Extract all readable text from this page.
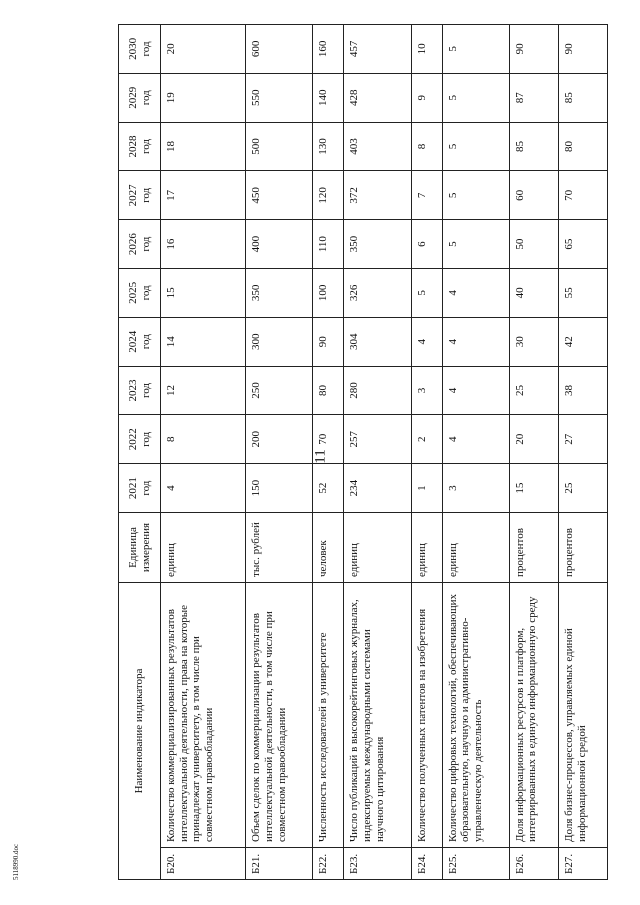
11
5118990.doc
Наименование индикатора		Единица измерения	2021 год	2022 год	2023 год	2024 год	2025 год	2026 год	2027 год	2028 год	2029 год	2030 год
Б20.	Количество коммерциализированных результатов интеллектуальной деятельности, права на которые принадлежат университету, в том числе при совместном правообладании	единиц	4	8	12	14	15	16	17	18	19	20
Б21.	Объем сделок по коммерциализации результатов интеллектуальной деятельности, в том числе при совместном правообладании	тыс. рублей	150	200	250	300	350	400	450	500	550	600
Б22.	Численность исследователей в университете	человек	52	70	80	90	100	110	120	130	140	160
Б23.	Число публикаций в высокорейтинговых журналах, индексируемых международными системами научного цитирования	единиц	234	257	280	304	326	350	372	403	428	457
Б24.	Количество полученных патентов на изобретения	единиц	1	2	3	4	5	6	7	8	9	10
Б25.	Количество цифровых технологий, обеспечивающих образовательную, научную и административно-управленческую деятельность	единиц	3	4	4	4	4	5	5	5	5	5
Б26.	Доля информационных ресурсов и платформ, интегрированных в единую информационную среду	процентов	15	20	25	30	40	50	60	85	87	90
Б27.	Доля бизнес-процессов, управляемых единой информационной средой	процентов	25	27	38	42	55	65	70	80	85	90
